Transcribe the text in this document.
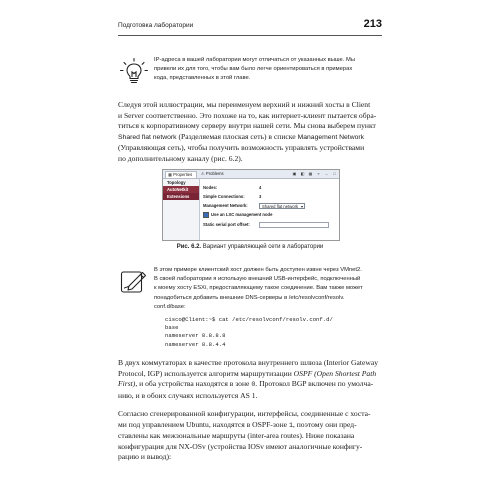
Подготовка лаборатории	213
IP-адреса в вашей лаборатории могут отличаться от указанных выше. Мы
привели их для того, чтобы вам было легче ориентироваться в примерах
кода, представленных в этой главе.
Следуя этой иллюстрации, мы переименуем верхний и нижний хосты в Client
и Server соответственно. Это похоже на то, как интернет-клиент пытается обра-
титься к корпоративному серверу внутри нашей сети. Мы снова выберем пункт
Shared flat network (Разделяемая плоская сеть) в списке Management Network
(Управляющая сеть), чтобы получить возможность управлять устройствами
по дополнительному каналу (рис. 6.2).
▦ Properties	⚠ Problems	▣ ◧ ▦	▿	–	□
Topology
AutoNetkit
Extensions
Nodes:	4
Simple Connections:	3
Management Network:	Shared flat network ▾
Use an LXC management node
Static serial port offset:
Рис. 6.2. Вариант управляющей сети в лаборатории
В этом примере клиентский хост должен быть доступен извне через VMnet2.
В своей лаборатории я использую внешний USB-интерфейс, подключенный
к моему хосту ESXi, предоставляющему такое соединение. Вам также может
понадобиться добавить внешние DNS-серверы в /etc/resolvconf/resolv.
conf.d/base:
cisco@Client:~$ cat /etc/resolvconf/resolv.conf.d/
base
nameserver 8.8.8.8
nameserver 8.8.4.4
В двух коммутаторах в качестве протокола внутреннего шлюза (Interior Gateway
Protocol, IGP) используется алгоритм маршрутизации OSPF (Open Shortest Path
First), и оба устройства находятся в зоне 0. Протокол BGP включен по умолча-
нию, и в обоих случаях используется AS 1.
Согласно сгенерированной конфигурации, интерфейсы, соединенные с хоста-
ми под управлением Ubuntu, находятся в OSPF-зоне 1, поэтому они пред-
ставлены как межзональные маршруты (inter-area routes). Ниже показана
конфигурация для NX-OSv (устройства IOSv имеют аналогичные конфигу-
рацию и вывод):
